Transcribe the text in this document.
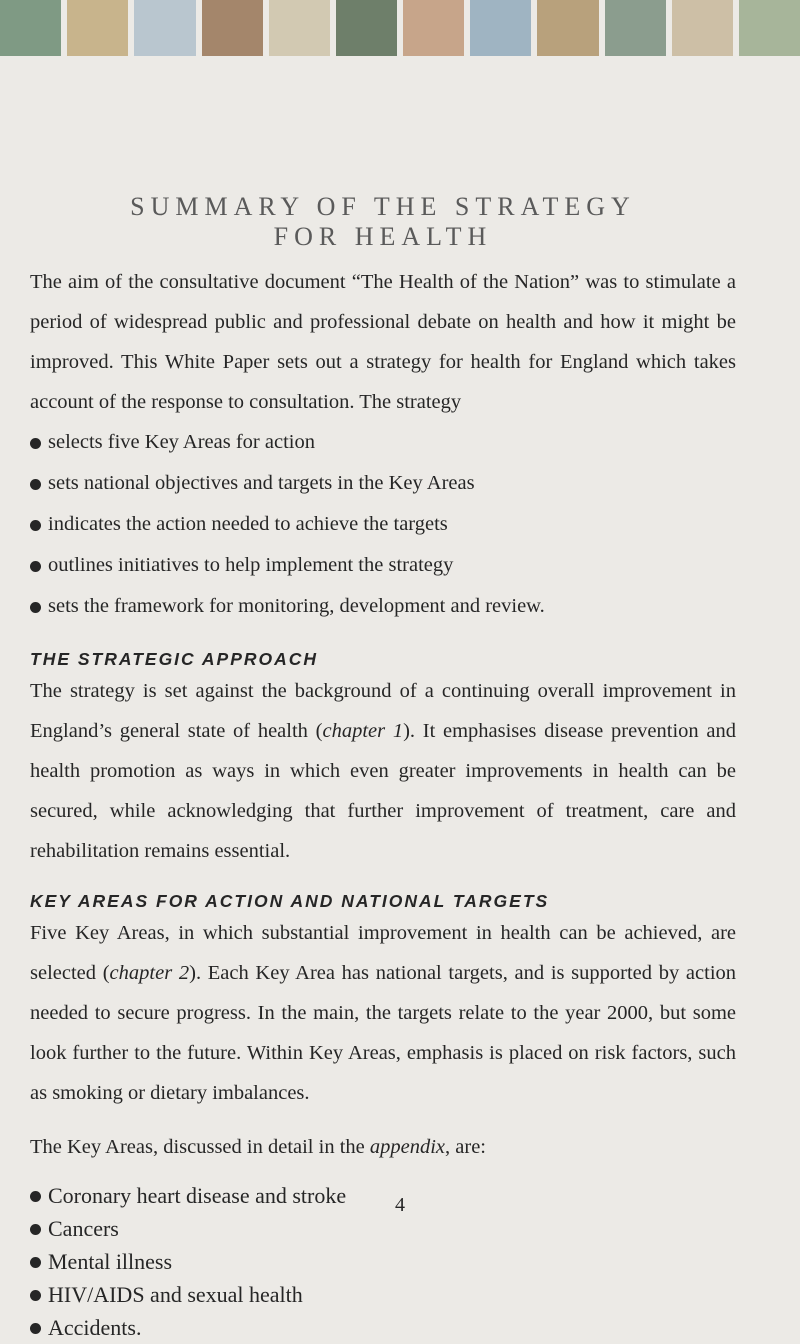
SUMMARY OF THE STRATEGY
FOR HEALTH

The aim of the consultative document “The Health of the Nation” was to stimulate a period of widespread public and professional debate on health and how it might be improved. This White Paper sets out a strategy for health for England which takes account of the response to consultation. The strategy

selects five Key Areas for action
sets national objectives and targets in the Key Areas
indicates the action needed to achieve the targets
outlines initiatives to help implement the strategy
sets the framework for monitoring, development and review.
THE STRATEGIC APPROACH

The strategy is set against the background of a continuing overall improvement in England’s general state of health (chapter 1). It emphasises disease prevention and health promotion as ways in which even greater improvements in health can be secured, while acknowledging that further improvement of treatment, care and rehabilitation remains essential.

KEY AREAS FOR ACTION AND NATIONAL TARGETS

Five Key Areas, in which substantial improvement in health can be achieved, are selected (chapter 2). Each Key Area has national targets, and is supported by action needed to secure progress. In the main, the targets relate to the year 2000, but some look further to the future. Within Key Areas, emphasis is placed on risk factors, such as smoking or dietary imbalances.

The Key Areas, discussed in detail in the appendix, are:

Coronary heart disease and stroke
Cancers
Mental illness
HIV/AIDS and sexual health
Accidents.
4
